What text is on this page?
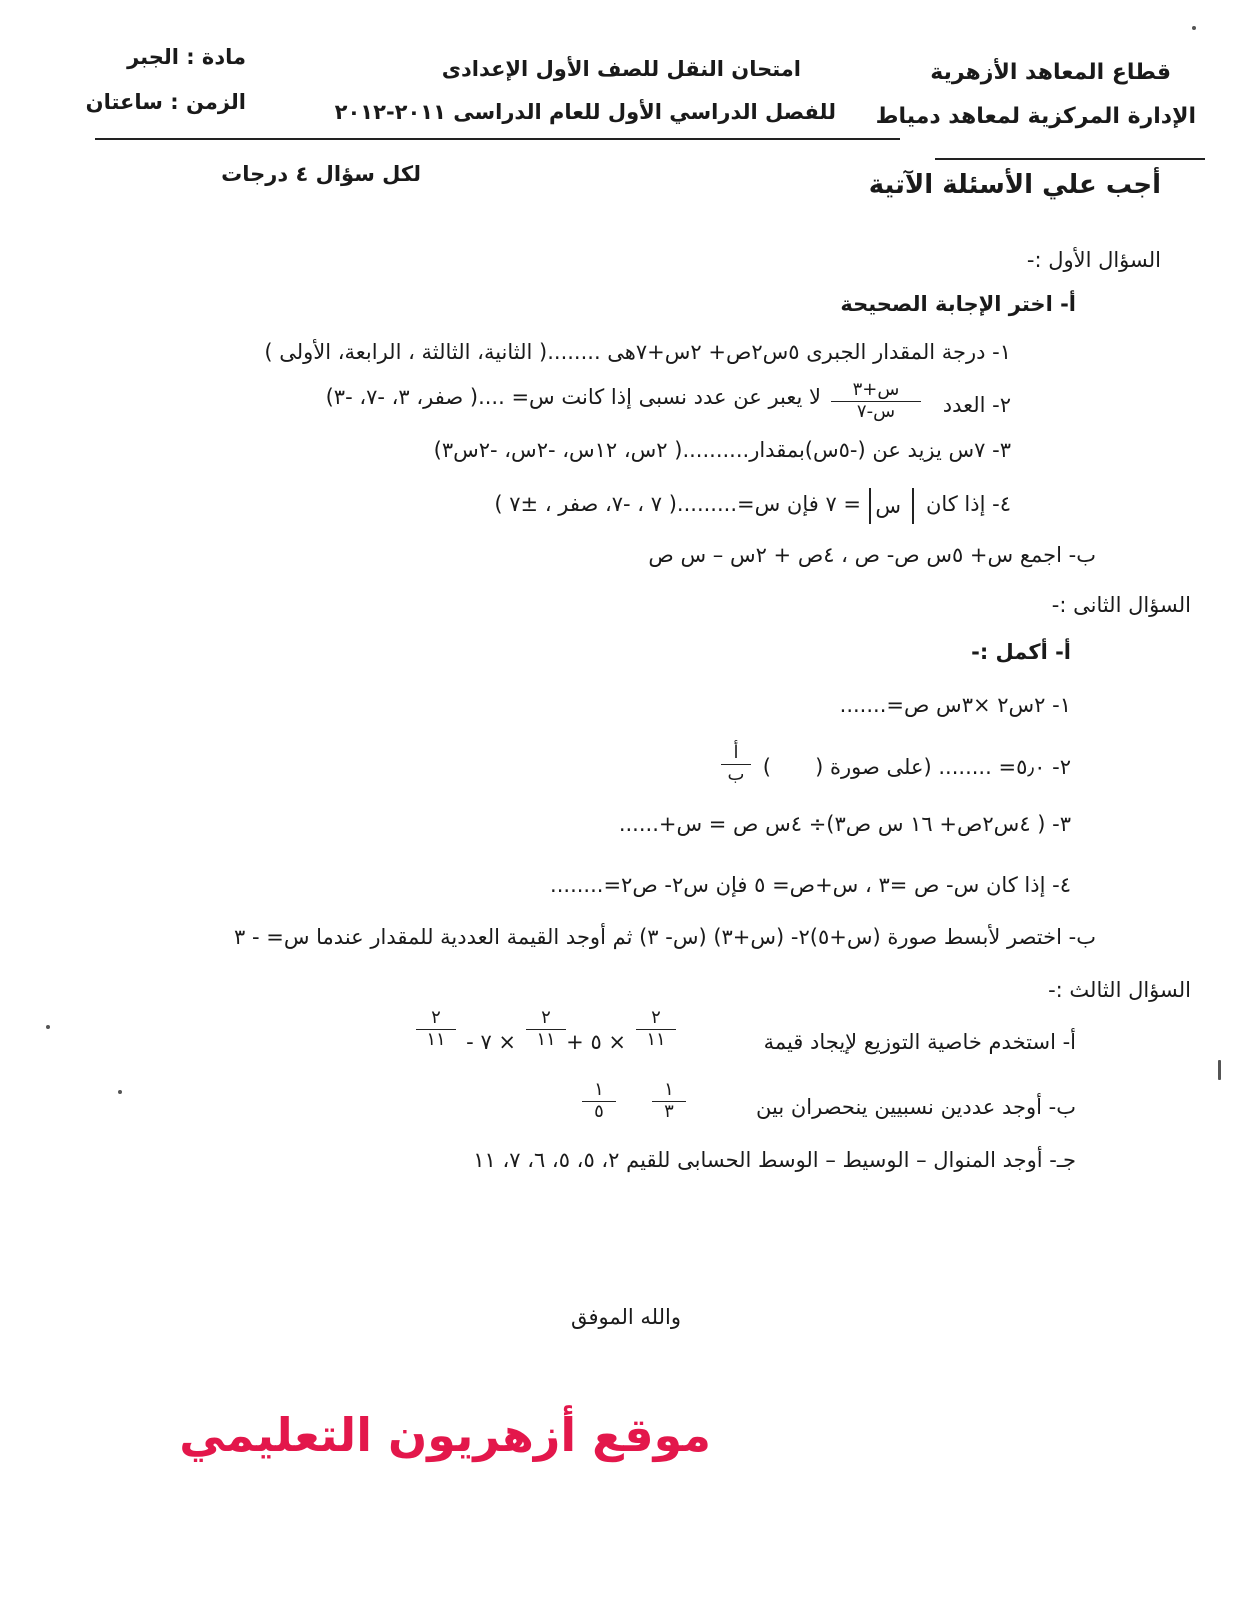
قطاع المعاهد الأزهرية
الإدارة المركزية لمعاهد دمياط
امتحان النقل للصف الأول الإعدادى
للفصل الدراسي الأول للعام الدراسى ٢٠١١-٢٠١٢
مادة : الجبر
الزمن : ساعتان
أجب علي الأسئلة الآتية
لكل سؤال ٤ درجات
السؤال الأول :-
أ- اختر الإجابة الصحيحة
١- درجة المقدار الجبرى ٥س٢ص+ ٢س+٧هى ........( الثانية، الثالثة ، الرابعة، الأولى )
٢- العدد
س+٣
س-٧
لا يعبر عن عدد نسبى إذا كانت س= ....( صفر، ٣، -٧، -٣)
٣- ٧س يزيد عن (-٥س)بمقدار..........( ٢س، ١٢س، -٢س، -٢س٣)
٤- إذا كان
س
= ٧ فإن س=.........( ٧ ، -٧، صفر ، ±٧ )
ب- اجمع س+ ٥س ص- ص ، ٤ص + ٢س – س ص
السؤال الثانى :-
أ- أكمل :-
١- ٢س٢ ×٣س ص=.......
٢- ٥٫٠= ........ (على صورة (
أ
ب )
٣- ( ٤س٢ص+ ١٦ س ص٣)÷ ٤س ص = س+......
٤- إذا كان س- ص =٣ ، س+ص= ٥ فإن س٢- ص٢=........
ب- اختصر لأبسط صورة (س+٥)٢- (س+٣) (س- ٣) ثم أوجد القيمة العددية للمقدار عندما س= - ٣
السؤال الثالث :-
أ- استخدم خاصية التوزيع لإيجاد قيمة
٢
١١
× ٥ +
٢
١١
× ٧ -
٢
١١
ب- أوجد عددين نسبيين ينحصران بين
١
٣
١
٥
جـ- أوجد المنوال – الوسيط – الوسط الحسابى للقيم ٢، ٥، ٥، ٦، ٧، ١١
والله الموفق
موقع أزهريون التعليمي
